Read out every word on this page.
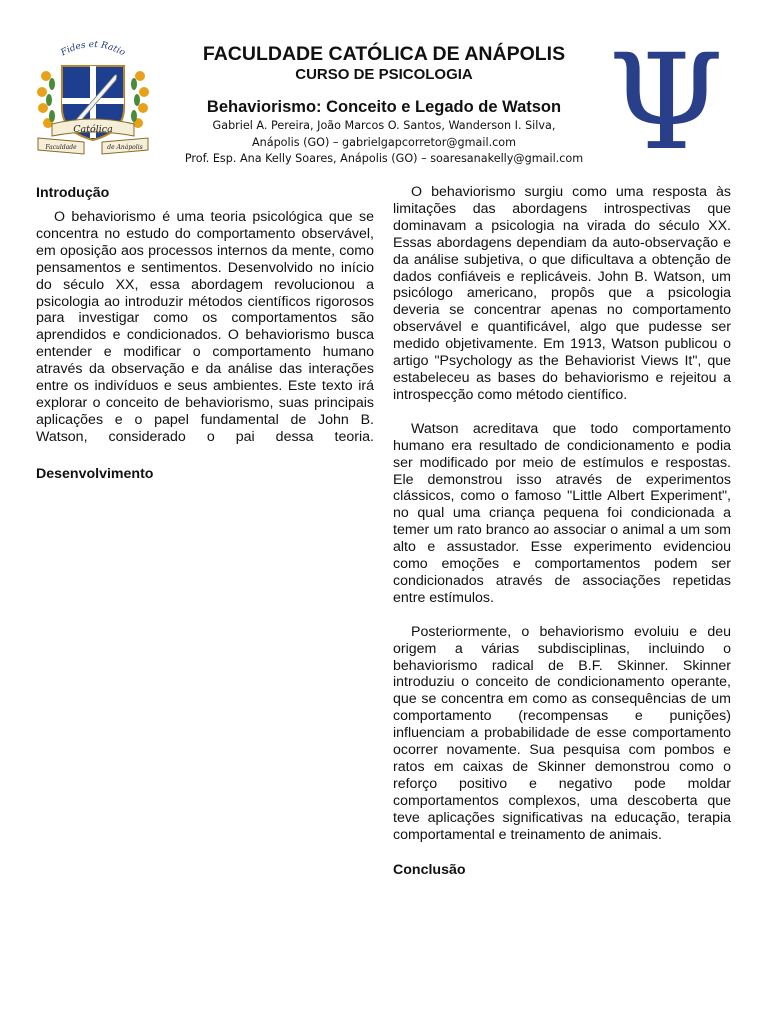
Fides et Ratio
Católica
Faculdade	de Anápolis	Ψ
FACULDADE CATÓLICA DE ANÁPOLIS
CURSO DE PSICOLOGIA
Behaviorismo: Conceito e Legado de Watson
Gabriel A. Pereira, João Marcos O. Santos, Wanderson I. Silva,
Anápolis (GO) – gabrielgapcorretor@gmail.com
Prof. Esp. Ana Kelly Soares, Anápolis (GO) – soaresanakelly@gmail.com
Introdução

O behaviorismo é uma teoria psicológica que se concentra no estudo do comportamento observável, em oposição aos processos internos da mente, como pensamentos e sentimentos. Desenvolvido no início do século XX, essa abordagem revolucionou a psicologia ao introduzir métodos científicos rigorosos para investigar como os comportamentos são aprendidos e condicionados. O behaviorismo busca entender e modificar o comportamento humano através da observação e da análise das interações entre os indivíduos e seus ambientes. Este texto irá explorar o conceito de behaviorismo, suas principais aplicações e o papel fundamental de John B. Watson, considerado o pai dessa teoria.

Desenvolvimento

O behaviorismo surgiu como uma resposta às limitações das abordagens introspectivas que dominavam a psicologia na virada do século XX. Essas abordagens dependiam da auto-observação e da análise subjetiva, o que dificultava a obtenção de dados confiáveis e replicáveis. John B. Watson, um psicólogo americano, propôs que a psicologia deveria se concentrar apenas no comportamento observável e quantificável, algo que pudesse ser medido objetivamente. Em 1913, Watson publicou o artigo "Psychology as the Behaviorist Views It", que estabeleceu as bases do behaviorismo e rejeitou a introspecção como método científico.

Watson acreditava que todo comportamento humano era resultado de condicionamento e podia ser modificado por meio de estímulos e respostas. Ele demonstrou isso através de experimentos clássicos, como o famoso "Little Albert Experiment", no qual uma criança pequena foi condicionada a temer um rato branco ao associar o animal a um som alto e assustador. Esse experimento evidenciou como emoções e comportamentos podem ser condicionados através de associações repetidas entre estímulos.

Posteriormente, o behaviorismo evoluiu e deu origem a várias subdisciplinas, incluindo o behaviorismo radical de B.F. Skinner. Skinner introduziu o conceito de condicionamento operante, que se concentra em como as consequências de um comportamento (recompensas e punições) influenciam a probabilidade de esse comportamento ocorrer novamente. Sua pesquisa com pombos e ratos em caixas de Skinner demonstrou como o reforço positivo e negativo pode moldar comportamentos complexos, uma descoberta que teve aplicações significativas na educação, terapia comportamental e treinamento de animais.

Conclusão
